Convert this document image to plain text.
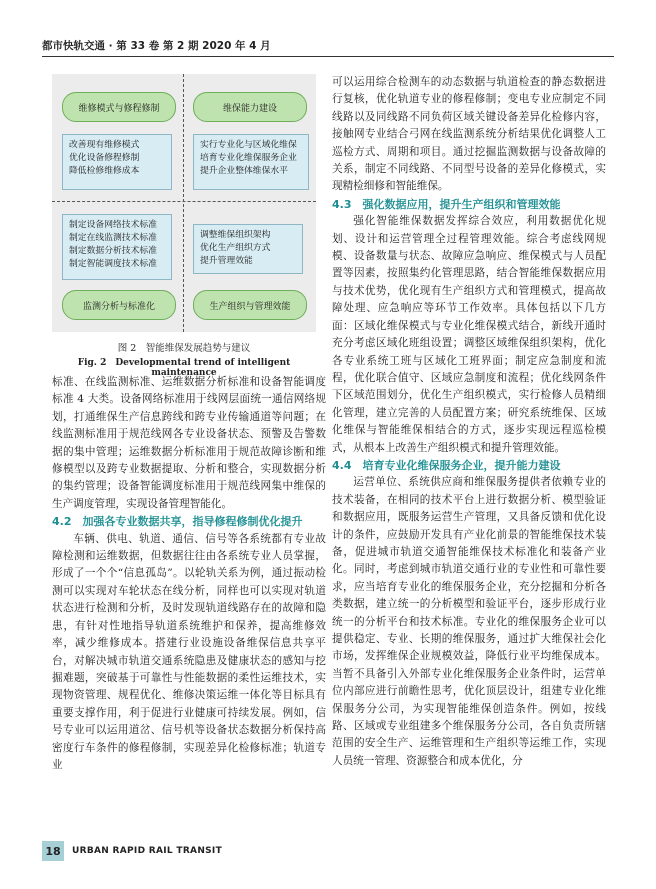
都市快轨交通 · 第 33 卷 第 2 期 2020 年 4 月
维修模式与修程修制	维保能力建设
改善现有维修模式
优化设备修程修制
降低检修维修成本
实行专业化与区域化维保
培育专业化维保服务企业
提升企业整体维保水平
制定设备网络技术标准
制定在线监测技术标准
制定数据分析技术标准
制定智能调度技术标准
调整维保组织架构
优化生产组织方式
提升管理效能
监测分析与标准化	生产组织与管理效能
图 2　智能维保发展趋势与建议
Fig. 2　Developmental trend of intelligent maintenance

标准、在线监测标准、运维数据分析标准和设备智能调度标准 4 大类。设备网络标准用于线网层面统一通信网络规划，打通维保生产信息跨线和跨专业传输通道等问题；在线监测标准用于规范线网各专业设备状态、预警及告警数据的集中管理；运维数据分析标准用于规范故障诊断和维修模型以及跨专业数据提取、分析和整合，实现数据分析的集约管理；设备智能调度标准用于规范线网集中维保的生产调度管理，实现设备管理智能化。

4.2　加强各专业数据共享，指导修程修制优化提升

车辆、供电、轨道、通信、信号等各系统都有专业故障检测和运维数据，但数据往往由各系统专业人员掌握，形成了一个个“信息孤岛”。以轮轨关系为例，通过振动检测可以实现对车轮状态在线分析，同样也可以实现对轨道状态进行检测和分析，及时发现轨道线路存在的故障和隐患，有针对性地指导轨道系统维护和保养，提高维修效率，减少维修成本。搭建行业设施设备维保信息共享平台，对解决城市轨道交通系统隐患及健康状态的感知与挖掘难题，突破基于可靠性与性能数据的柔性运维技术，实现物资管理、规程优化、维修决策运维一体化等目标具有重要支撑作用，利于促进行业健康可持续发展。例如，信号专业可以运用道岔、信号机等设备状态数据分析保持高密度行车条件的修程修制，实现差异化检修标准；轨道专业

可以运用综合检测车的动态数据与轨道检查的静态数据进行复核，优化轨道专业的修程修制；变电专业应制定不同线路以及同线路不同负荷区域关键设备差异化检修内容，接触网专业结合弓网在线监测系统分析结果优化调整人工巡检方式、周期和项目。通过挖掘监测数据与设备故障的关系，制定不同线路、不同型号设备的差异化修模式，实现精检细修和智能维保。

4.3　强化数据应用，提升生产组织和管理效能

强化智能维保数据发挥综合效应，利用数据优化规划、设计和运营管理全过程管理效能。综合考虑线网规模、设备数量与状态、故障应急响应、维保模式与人员配置等因素，按照集约化管理思路，结合智能维保数据应用与技术优势，优化现有生产组织方式和管理模式，提高故障处理、应急响应等环节工作效率。具体包括以下几方面：区域化维保模式与专业化维保模式结合，新线开通时充分考虑区域化班组设置；调整区域维保组织架构，优化各专业系统工班与区域化工班界面；制定应急制度和流程，优化联合值守、区域应急制度和流程；优化线网条件下区域范围划分，优化生产组织模式，实行检修人员精细化管理，建立完善的人员配置方案；研究系统维保、区域化维保与智能维保相结合的方式，逐步实现远程巡检模式，从根本上改善生产组织模式和提升管理效能。

4.4　培育专业化维保服务企业，提升能力建设

运营单位、系统供应商和维保服务提供者依赖专业的技术装备，在相同的技术平台上进行数据分析、模型验证和数据应用，既服务运营生产管理，又具备反馈和优化设计的条件，应鼓励开发具有产业化前景的智能维保技术装备，促进城市轨道交通智能维保技术标准化和装备产业化。同时，考虑到城市轨道交通行业的专业性和可靠性要求，应当培育专业化的维保服务企业，充分挖掘和分析各类数据，建立统一的分析模型和验证平台，逐步形成行业统一的分析平台和技术标准。专业化的维保服务企业可以提供稳定、专业、长期的维保服务，通过扩大维保社会化市场，发挥维保企业规模效益，降低行业平均维保成本。当暂不具备引入外部专业化维保服务企业条件时，运营单位内部应进行前瞻性思考，优化顶层设计，组建专业化维保服务分公司，为实现智能维保创造条件。例如，按线路、区域或专业组建多个维保服务分公司，各自负责所辖范围的安全生产、运维管理和生产组织等运维工作，实现人员统一管理、资源整合和成本优化，分

18	URBAN RAPID RAIL TRANSIT
